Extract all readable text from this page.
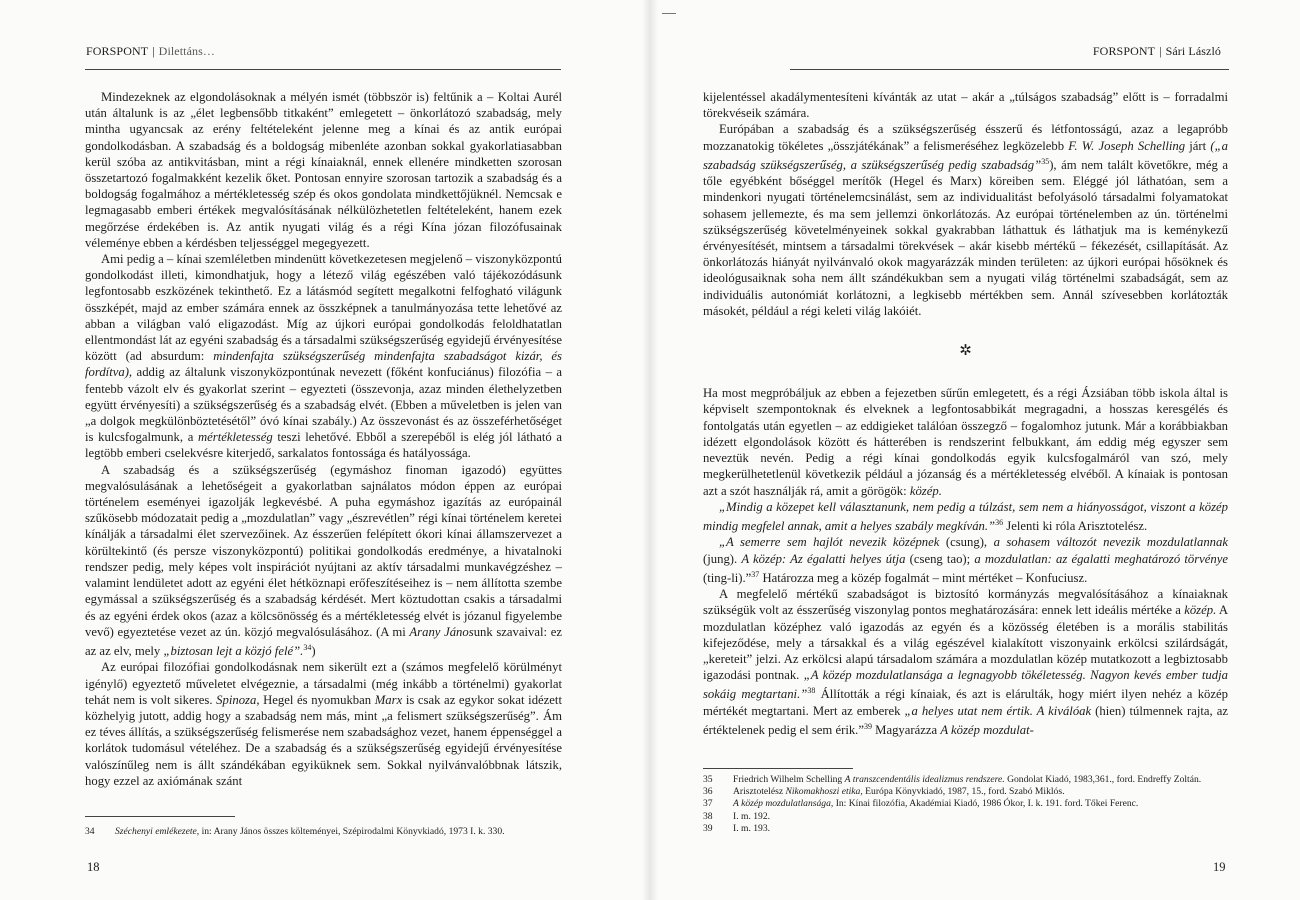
FORSPONT | Dilettáns…

Mindezeknek az elgondolásoknak a mélyén ismét (többször is) feltűnik a – Koltai Aurél után általunk is az „élet legbensőbb titkaként” emlegetett – önkorlátozó szabadság, mely mintha ugyancsak az erény feltételeként jelenne meg a kínai és az antik európai gondolkodásban. A szabadság és a boldogság mibenléte azonban sokkal gyakorlatiasabban kerül szóba az antikvitásban, mint a régi kínaiaknál, ennek ellenére mindketten szorosan összetartozó fogalmakként kezelik őket. Pontosan ennyire szorosan tartozik a szabadság és a boldogság fogalmához a mértékletesség szép és okos gondolata mindkettőjüknél. Nemcsak e legmagasabb emberi értékek megvalósításának nélkülözhetetlen feltételeként, hanem ezek megőrzése érdekében is. Az antik nyugati világ és a régi Kína józan filozófusainak véleménye ebben a kérdésben teljességgel megegyezett.

Ami pedig a – kínai szemléletben mindenütt következetesen megjelenő – viszonyközpontú gondolkodást illeti, kimondhatjuk, hogy a létező világ egészében való tájékozódásunk legfontosabb eszközének tekinthető. Ez a látásmód segített megalkotni felfogható világunk összképét, majd az ember számára ennek az összképnek a tanulmányozása tette lehetővé az abban a világban való eligazodást. Míg az újkori európai gondolkodás feloldhatatlan ellentmondást lát az egyéni szabadság és a társadalmi szükségszerűség egyidejű érvényesítése között (ad absurdum: mindenfajta szükségszerűség mindenfajta szabadságot kizár, és fordítva), addig az általunk viszonyközpontúnak nevezett (főként konfuciánus) filozófia – a fentebb vázolt elv és gyakorlat szerint – egyezteti (összevonja, azaz minden élethelyzetben együtt érvényesíti) a szükségszerűség és a szabadság elvét. (Ebben a műveletben is jelen van „a dolgok megkülönböztetésétől” óvó kínai szabály.) Az összevonást és az összeférhetőséget is kulcsfogalmunk, a mértékletesség teszi lehetővé. Ebből a szerepéből is elég jól látható a legtöbb emberi cselekvésre kiterjedő, sarkalatos fontossága és hatályossága.

A szabadság és a szükségszerűség (egymáshoz finoman igazodó) együttes megvalósulásának a lehetőségeit a gyakorlatban sajnálatos módon éppen az európai történelem eseményei igazolják legkevésbé. A puha egymáshoz igazítás az európainál szűkösebb módozatait pedig a „mozdulatlan” vagy „észrevétlen” régi kínai történelem keretei kínálják a társadalmi élet szervezőinek. Az ésszerűen felépített ókori kínai államszervezet a körültekintő (és persze viszonyközpontú) politikai gondolkodás eredménye, a hivatalnoki rendszer pedig, mely képes volt inspirációt nyújtani az aktív társadalmi munkavégzéshez – valamint lendületet adott az egyéni élet hétköznapi erőfeszítéseihez is – nem állította szembe egymással a szükségszerűség és a szabadság kérdését. Mert köztudottan csakis a társadalmi és az egyéni érdek okos (azaz a kölcsönösség és a mértékletesség elvét is józanul figyelembe vevő) egyeztetése vezet az ún. közjó megvalósulásához. (A mi Arany Jánosunk szavaival: ez az az elv, mely „biztosan lejt a közjó felé”.$^{34}$)

Az európai filozófiai gondolkodásnak nem sikerült ezt a (számos megfelelő körülményt igénylő) egyeztető műveletet elvégeznie, a társadalmi (még inkább a történelmi) gyakorlat tehát nem is volt sikeres. Spinoza, Hegel és nyomukban Marx is csak az egykor sokat idézett közhelyig jutott, addig hogy a szabadság nem más, mint „a felismert szükségszerűség”. Ám ez téves állítás, a szükségszerűség felismerése nem szabadsághoz vezet, hanem éppenséggel a korlátok tudomásul vételéhez. De a szabadság és a szükségszerűség egyidejű érvényesítése valószínűleg nem is állt szándékában egyiküknek sem. Sokkal nyilvánvalóbbnak látszik, hogy ezzel az axiómának szánt

34	Széchenyi emlékezete, in: Arany János összes költeményei, Szépirodalmi Könyvkiadó, 1973 I. k. 330.
18
FORSPONT | Sári László

kijelentéssel akadálymentesíteni kívánták az utat – akár a „túlságos szabadság” előtt is – forradalmi törekvéseik számára.

Európában a szabadság és a szükségszerűség ésszerű és létfontosságú, azaz a legapróbb mozzanatokig tökéletes „összjátékának” a felismeréséhez legközelebb F. W. Joseph Schelling járt („a szabadság szükségszerűség, a szükségszerűség pedig szabadság”$^{35}$), ám nem talált követőkre, még a tőle egyébként bőséggel merítők (Hegel és Marx) köreiben sem. Eléggé jól láthatóan, sem a mindenkori nyugati történelemcsinálást, sem az individualitást befolyásoló társadalmi folyamatokat sohasem jellemezte, és ma sem jellemzi önkorlátozás. Az európai történelemben az ún. történelmi szükségszerűség követelményeinek sokkal gyakrabban láthattuk és láthatjuk ma is keménykezű érvényesítését, mintsem a társadalmi törekvések – akár kisebb mértékű – fékezését, csillapítását. Az önkorlátozás hiányát nyilvánvaló okok magyarázzák minden területen: az újkori európai hősöknek és ideológusaiknak soha nem állt szándékukban sem a nyugati világ történelmi szabadságát, sem az individuális autonómiát korlátozni, a legkisebb mértékben sem. Annál szívesebben korlátozták másokét, például a régi keleti világ lakóiét.

✲

Ha most megpróbáljuk az ebben a fejezetben sűrűn emlegetett, és a régi Ázsiában több iskola által is képviselt szempontoknak és elveknek a legfontosabbikát megragadni, a hosszas keresgélés és fontolgatás után egyetlen – az eddigieket találóan összegző – fogalomhoz jutunk. Már a korábbiakban idézett elgondolások között és hátterében is rendszerint felbukkant, ám eddig még egyszer sem neveztük nevén. Pedig a régi kínai gondolkodás egyik kulcsfogalmáról van szó, mely megkerülhetetlenül következik például a józanság és a mértékletesség elvéből. A kínaiak is pontosan azt a szót használják rá, amit a görögök: közép.

„Mindig a közepet kell választanunk, nem pedig a túlzást, sem nem a hiányosságot, viszont a közép mindig megfelel annak, amit a helyes szabály megkíván.”$^{36}$ Jelenti ki róla Arisztotelész.

„A semerre sem hajlót nevezik középnek (csung), a sohasem változót nevezik mozdulatlannak (jung). A közép: Az égalatti helyes útja (cseng tao); a mozdulatlan: az égalatti meghatározó törvénye (ting-li).”$^{37}$ Határozza meg a közép fogalmát – mint mértéket – Konfuciusz.

A megfelelő mértékű szabadságot is biztosító kormányzás megvalósításához a kínaiaknak szükségük volt az ésszerűség viszonylag pontos meghatározására: ennek lett ideális mértéke a közép. A mozdulatlan középhez való igazodás az egyén és a közösség életében is a morális stabilitás kifejeződése, mely a társakkal és a világ egészével kialakított viszonyaink erkölcsi szilárdságát, „kereteit” jelzi. Az erkölcsi alapú társadalom számára a mozdulatlan közép mutatkozott a legbiztosabb igazodási pontnak. „A közép mozdulatlansága a legnagyobb tökéletesség. Nagyon kevés ember tudja sokáig megtartani.”$^{38}$ Állították a régi kínaiak, és azt is elárulták, hogy miért ilyen nehéz a közép mértékét megtartani. Mert az emberek „a helyes utat nem értik. A kiválóak (hien) túlmennek rajta, az értéktelenek pedig el sem érik.”$^{39}$ Magyarázza A közép mozdulat-

35	Friedrich Wilhelm Schelling A transzcendentális idealizmus rendszere. Gondolat Kiadó, 1983,361., ford. Endreffy Zoltán.
36	Arisztotelész Nikomakhoszi etika, Európa Könyvkiadó, 1987, 15., ford. Szabó Miklós.
37	A közép mozdulatlansága, In: Kínai filozófia, Akadémiai Kiadó, 1986 Ókor, I. k. 191. ford. Tőkei Ferenc.
38	I. m. 192.
39	I. m. 193.
19
